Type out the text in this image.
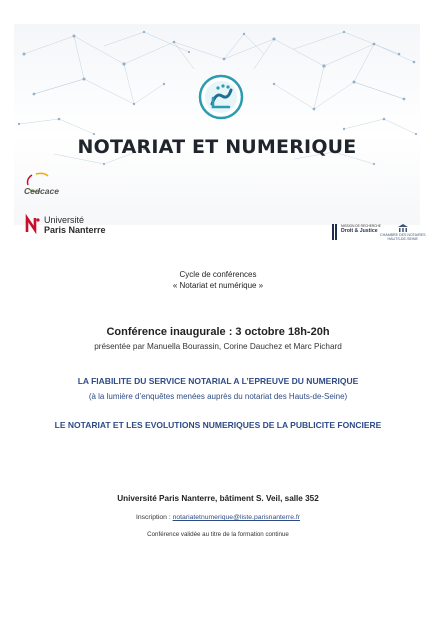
NOTARIAT ET NUMERIQUE
Cedcace
Université
Paris Nanterre	MISSION DE RECHERCHE
Droit & Justice
CHAMBRE DES NOTAIRES
HAUTS-DE-SEINE
Cycle de conférences
« Notariat et numérique »
Conférence inaugurale : 3 octobre 18h-20h
présentée par Manuella Bourassin, Corine Dauchez et Marc Pichard
LA FIABILITE DU SERVICE NOTARIAL A L’EPREUVE DU NUMERIQUE
(à la lumière d’enquêtes menées auprès du notariat des Hauts-de-Seine)
LE NOTARIAT ET LES EVOLUTIONS NUMERIQUES DE LA PUBLICITE FONCIERE
Université Paris Nanterre, bâtiment S. Veil, salle 352
Inscription : notariatetnumerique@liste.parisnanterre.fr
Conférence validée au titre de la formation continue
